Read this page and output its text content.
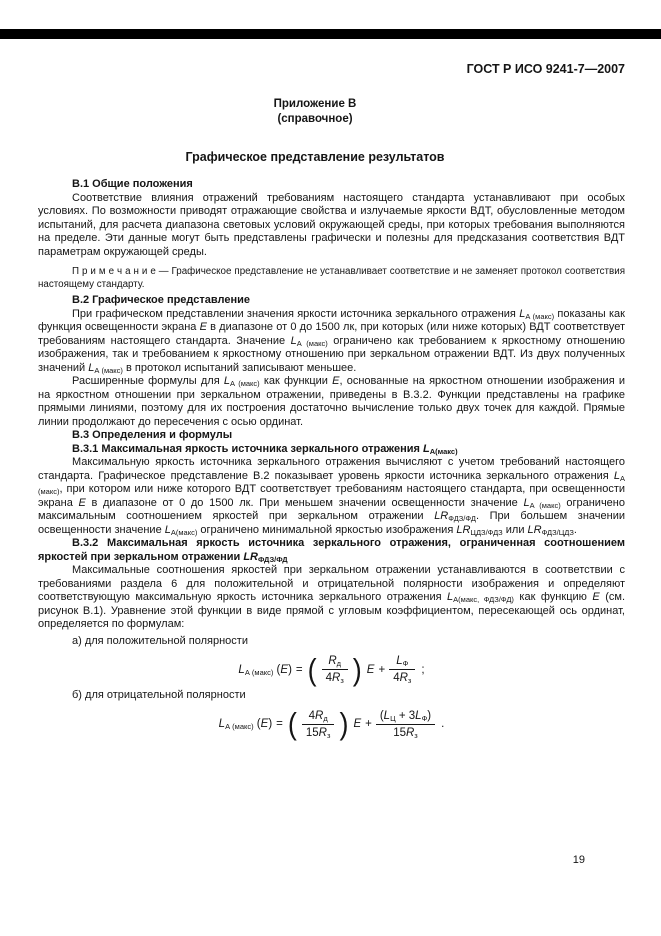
ГОСТ Р ИСО 9241-7—2007
Приложение В
(справочное)
Графическое представление результатов

В.1 Общие положения

Соответствие влияния отражений требованиям настоящего стандарта устанавливают при особых условиях. По возможности приводят отражающие свойства и излучаемые яркости ВДТ, обусловленные методом испытаний, для расчета диапазона световых условий окружающей среды, при которых требования выполняются на пределе. Эти данные могут быть представлены графически и полезны для предсказания соответствия ВДТ параметрам окружающей среды.

П р и м е ч а н и е — Графическое представление не устанавливает соответствие и не заменяет протокол соответствия настоящему стандарту.

В.2 Графическое представление

При графическом представлении значения яркости источника зеркального отражения $L_{А (макс)}$ показаны как функция освещенности экрана E в диапазоне от 0 до 1500 лк, при которых (или ниже которых) ВДТ соответствует требованиям настоящего стандарта. Значение $L_{А (макс)}$ ограничено как требованием к яркостному отношению изображения, так и требованием к яркостному отношению при зеркальном отражении ВДТ. Из двух полученных значений $L_{А (макс)}$ в протокол испытаний записывают меньшее.

Расширенные формулы для $L_{А (макс)}$ как функции E, основанные на яркостном отношении изображения и на яркостном отношении при зеркальном отражении, приведены в В.3.2. Функции представлены на графике прямыми линиями, поэтому для их построения достаточно вычисление только двух точек для каждой. Прямые линии продолжают до пересечения с осью ординат.

В.3 Определения и формулы

В.3.1 Максимальная яркость источника зеркального отражения $L_{А(макс)}$

Максимальную яркость источника зеркального отражения вычисляют с учетом требований настоящего стандарта. Графическое представление В.2 показывает уровень яркости источника зеркального отражения $L_{А (макс)}$, при котором или ниже которого ВДТ соответствует требованиям настоящего стандарта, при освещенности экрана E в диапазоне от 0 до 1500 лк. При меньшем значении освещенности значение $L_{А (макс)}$ ограничено максимальным соотношением яркостей при зеркальном отражении $LR_{ФДЗ/ФД}$. При большем значении освещенности значение $L_{А(макс)}$ ограничено минимальной яркостью изображения $LR_{ЦДЗ/ФДЗ}$ или $LR_{ФДЗ/ЦДЗ}$.

В.3.2 Максимальная яркость источника зеркального отражения, ограниченная соотношением яркостей при зеркальном отражении $LR_{ФДЗ/ФД}$

Максимальные соотношения яркостей при зеркальном отражении устанавливаются в соответствии с требованиями раздела 6 для положительной и отрицательной полярности изображения и определяют соответствующую максимальную яркость источника зеркального отражения $L_{А(макс, ФДЗ/ФД)}$ как функцию E (см. рисунок В.1). Уравнение этой функции в виде прямой с угловым коэффициентом, пересекающей ось ординат, определяется по формулам:

а) для положительной полярности

$L_{А (макс)}$ (E) = ( $\frac{R_д}{4R_з}$ ) $E + \frac{L_Ф}{4R_з}$ ;

б) для отрицательной полярности

$L_{А (макс)}$ (E) = ( $\frac{4R_д}{15R_з}$ ) $E + \frac{(L_Ц + 3L_Ф)}{15R_з}$ .
19
